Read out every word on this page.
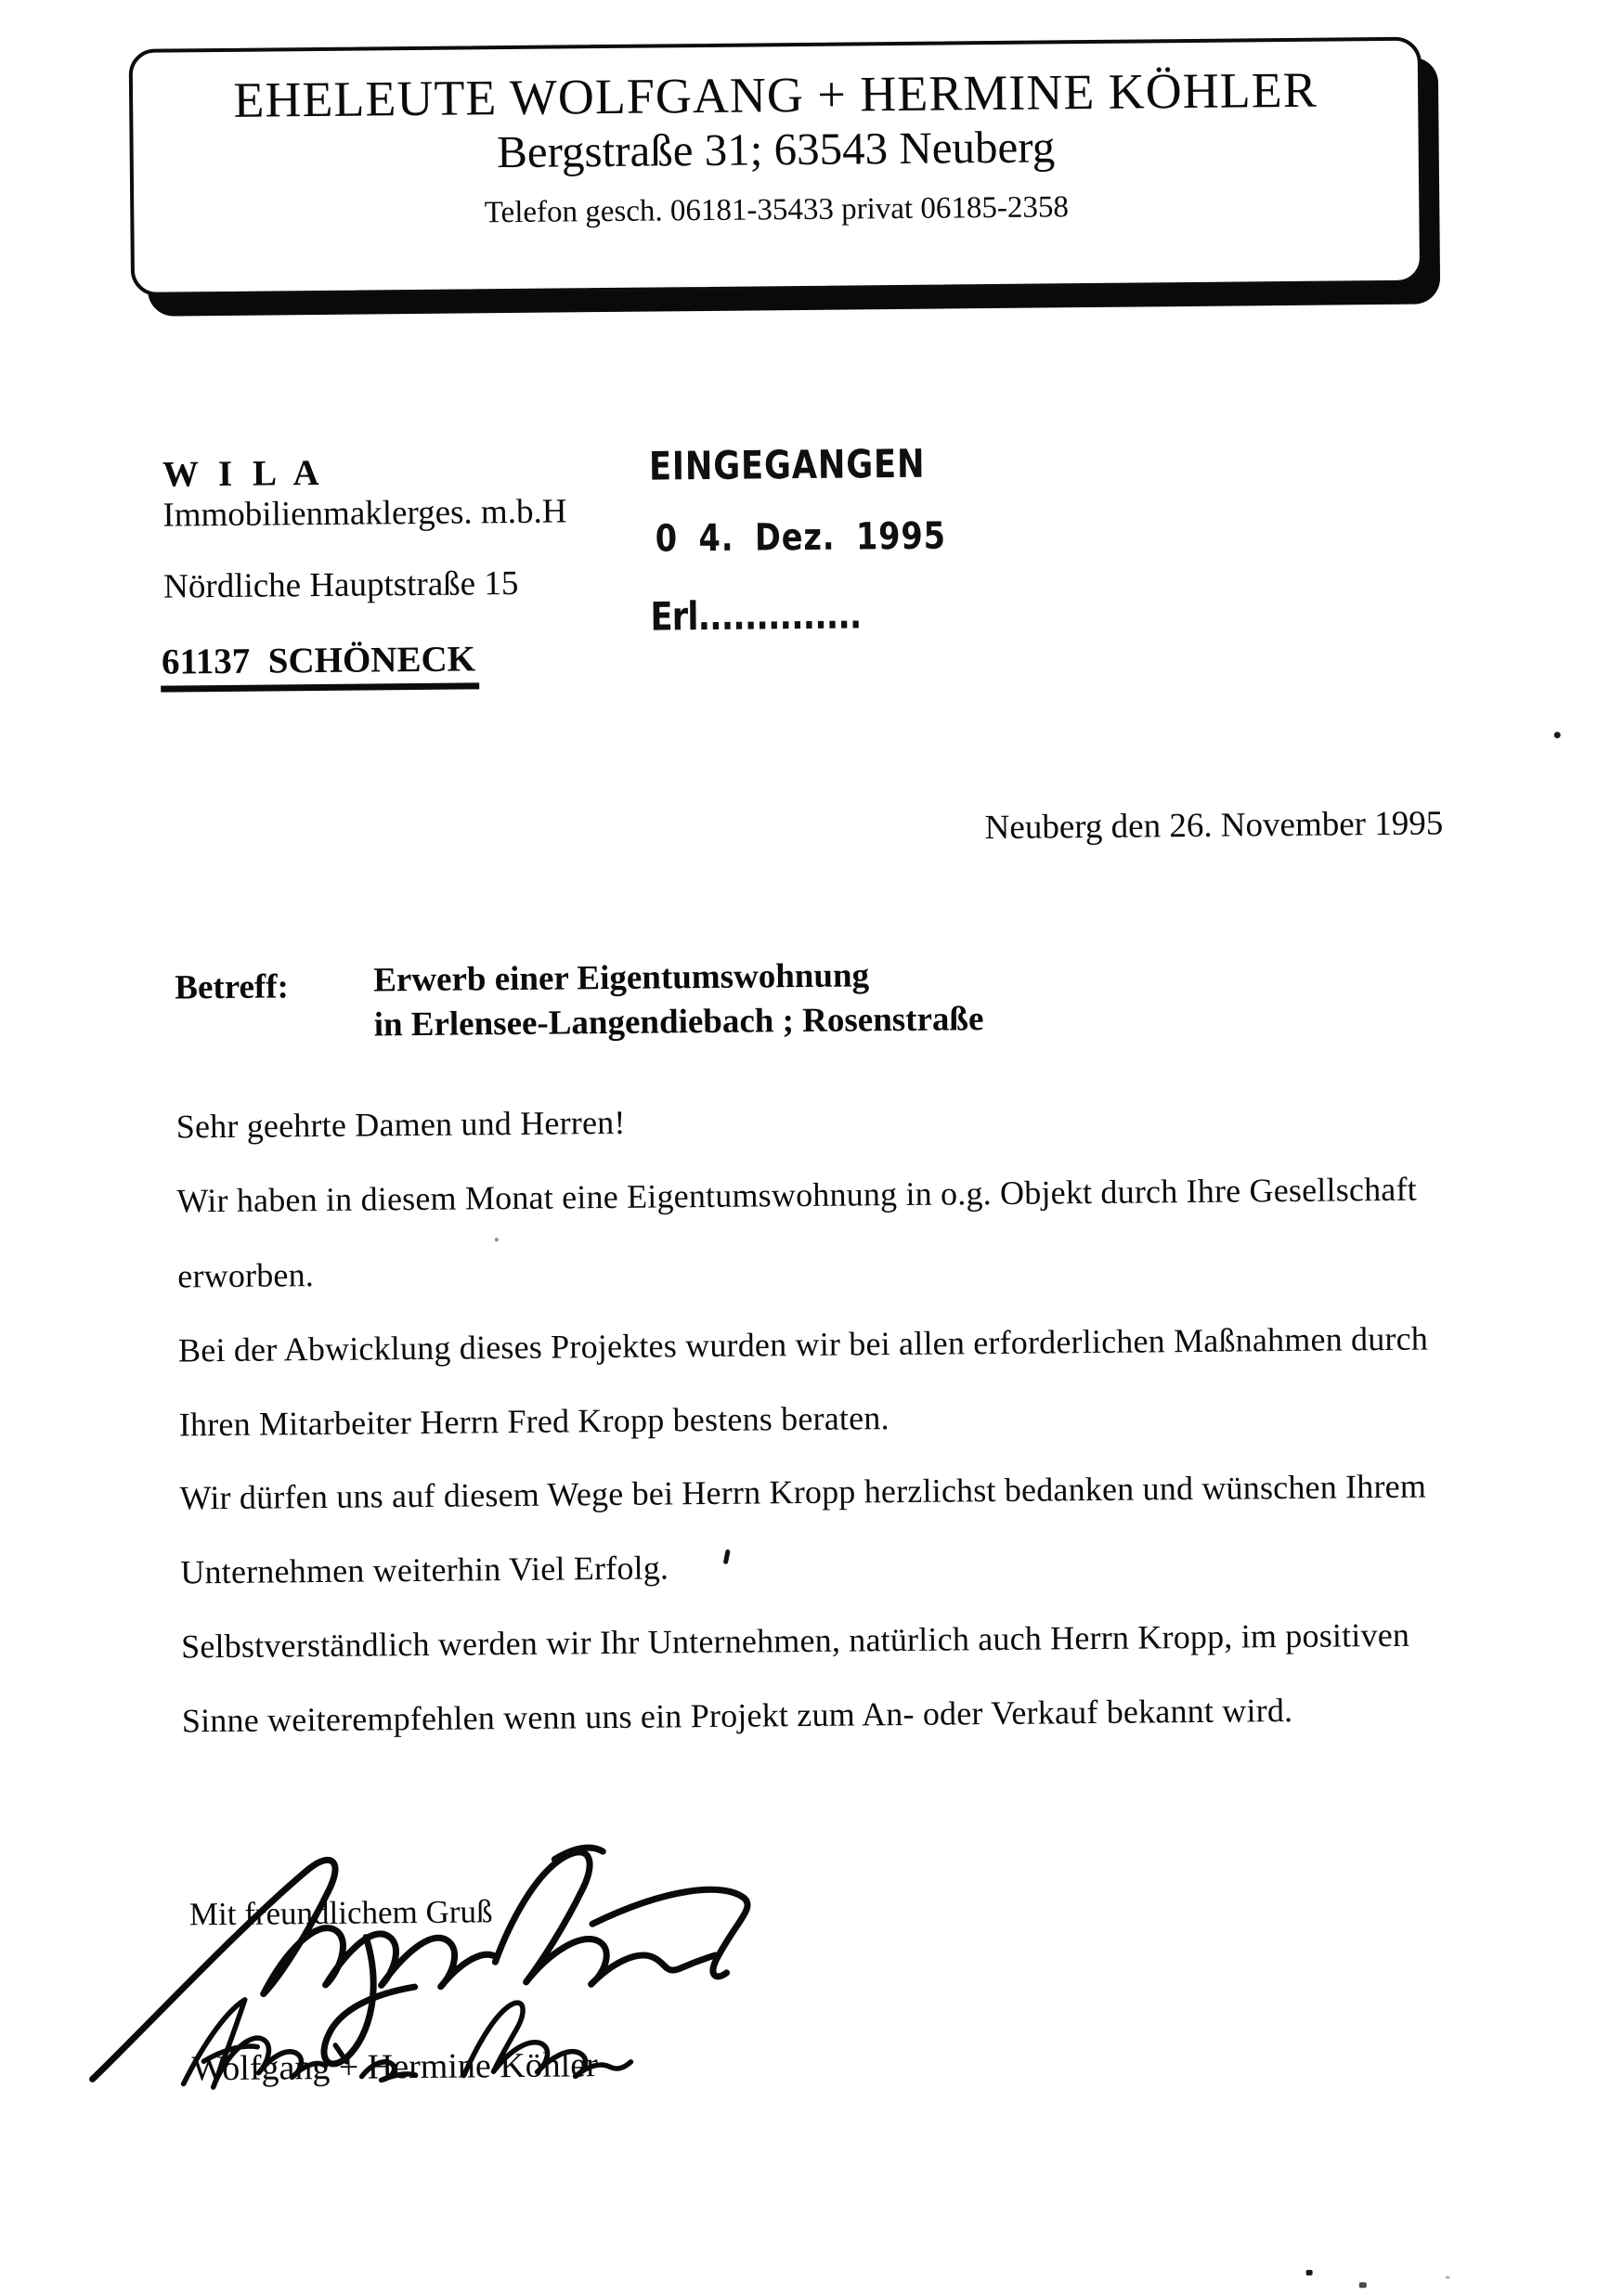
EHELEUTE WOLFGANG + HERMINE KÖHLER
Bergstraße 31; 63543 Neuberg
Telefon gesch. 06181-35433 privat 06185-2358
W I L A
Immobilienmaklerges. m.b.H
Nördliche Hauptstraße 15
61137  SCHÖNECK
EINGEGANGEN
0 4. Dez. 1995
Erl..............
Neuberg den 26. November 1995
Betreff: Erwerb einer Eigentumswohnung
in Erlensee-Langendiebach ; Rosenstraße
Sehr geehrte Damen und Herren!
Wir haben in diesem Monat eine Eigentumswohnung in o.g. Objekt durch Ihre Gesellschaft
erworben.
Bei der Abwicklung dieses Projektes wurden wir bei allen erforderlichen Maßnahmen durch
Ihren Mitarbeiter Herrn Fred Kropp bestens beraten.
Wir dürfen uns auf diesem Wege bei Herrn Kropp herzlichst bedanken und wünschen Ihrem
Unternehmen weiterhin Viel Erfolg.
Selbstverständlich werden wir Ihr Unternehmen, natürlich auch Herrn Kropp, im positiven
Sinne weiterempfehlen wenn uns ein Projekt zum An- oder Verkauf bekannt wird.
Mit freundlichem Gruß
Wolfgang + Hermine Köhler
